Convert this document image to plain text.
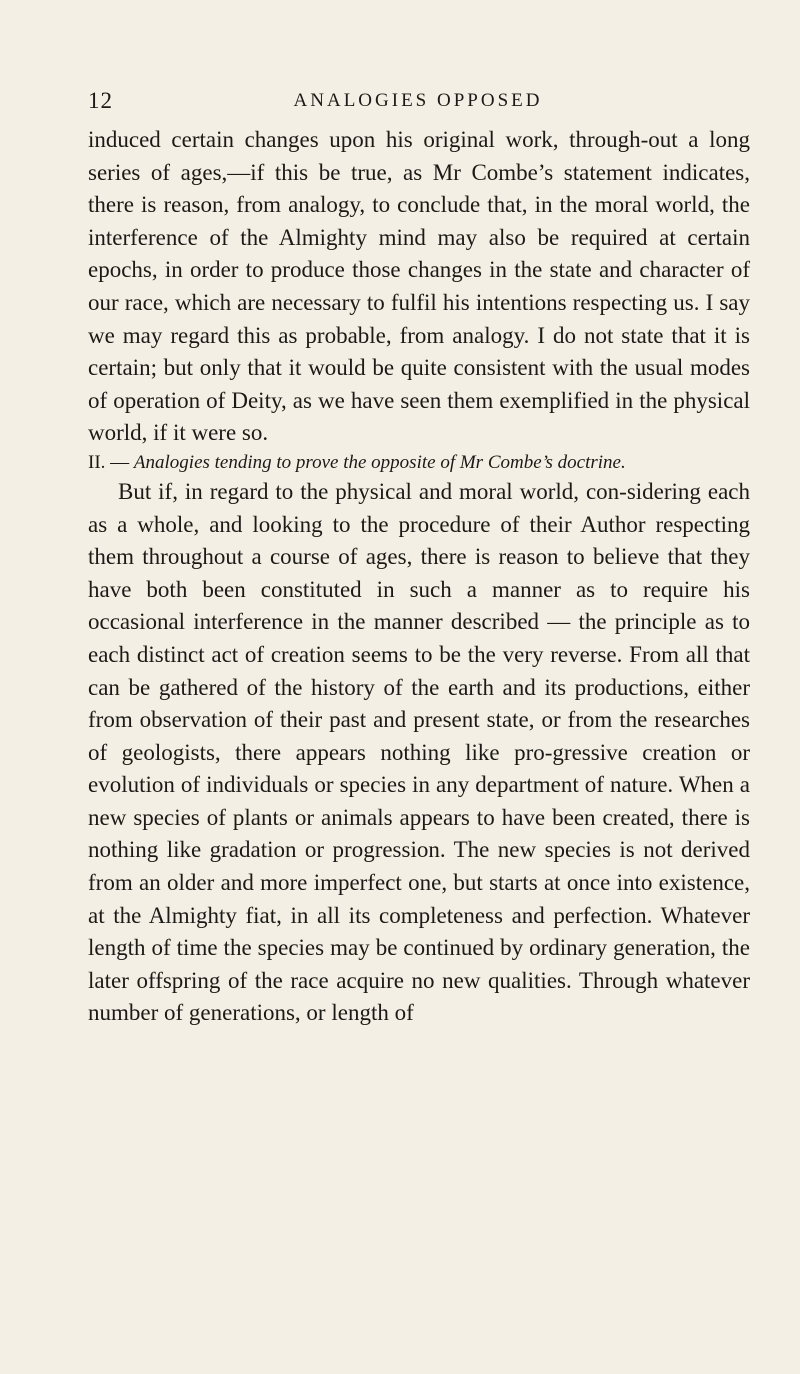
12	ANALOGIES OPPOSED

induced certain changes upon his original work, through-out a long series of ages,—if this be true, as Mr Combe’s statement indicates, there is reason, from analogy, to conclude that, in the moral world, the interference of the Almighty mind may also be required at certain epochs, in order to produce those changes in the state and character of our race, which are necessary to fulfil his intentions respecting us. I say we may regard this as probable, from analogy. I do not state that it is certain; but only that it would be quite consistent with the usual modes of operation of Deity, as we have seen them exemplified in the physical world, if it were so.

II. — Analogies tending to prove the opposite of Mr Combe’s doctrine.

But if, in regard to the physical and moral world, con-sidering each as a whole, and looking to the procedure of their Author respecting them throughout a course of ages, there is reason to believe that they have both been constituted in such a manner as to require his occasional interference in the manner described — the principle as to each distinct act of creation seems to be the very reverse. From all that can be gathered of the history of the earth and its productions, either from observation of their past and present state, or from the researches of geologists, there appears nothing like pro-gressive creation or evolution of individuals or species in any department of nature. When a new species of plants or animals appears to have been created, there is nothing like gradation or progression. The new species is not derived from an older and more imperfect one, but starts at once into existence, at the Almighty fiat, in all its completeness and perfection. Whatever length of time the species may be continued by ordinary generation, the later offspring of the race acquire no new qualities. Through whatever number of generations, or length of
